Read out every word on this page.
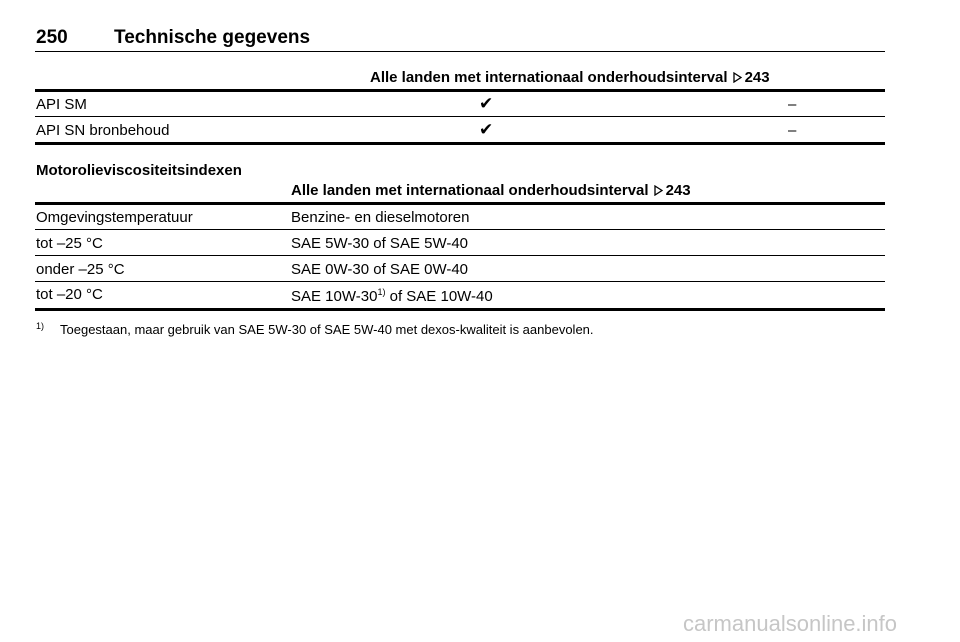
250 Technische gegevens
Alle landen met internationaal onderhoudsinterval 243
API SM	✔	–
API SN bronbehoud	✔	–
Motorolieviscositeitsindexen
Alle landen met internationaal onderhoudsinterval 243
Omgevingstemperatuur	Benzine- en dieselmotoren
tot –25 °C	SAE 5W-30 of SAE 5W-40
onder –25 °C	SAE 0W-30 of SAE 0W-40
tot –20 °C	SAE 10W-30$^{1)}$ of SAE 10W-40
1) Toegestaan, maar gebruik van SAE 5W-30 of SAE 5W-40 met dexos-kwaliteit is aanbevolen.
carmanualsonline.info
